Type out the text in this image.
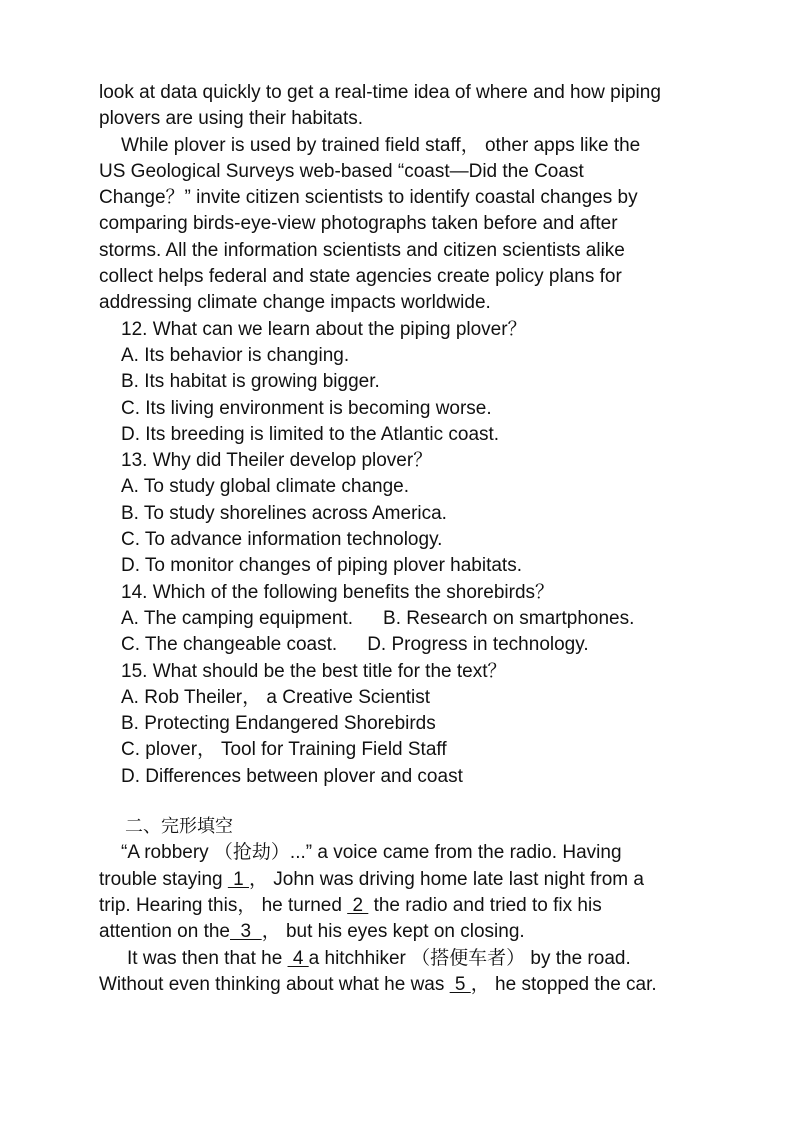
look at data quickly to get a real-time idea of where and how piping
plovers are using their habitats.
While plover is used by trained field staff， other apps like the
US Geological Surveys web-based “coast—Did the Coast
Change？” invite citizen scientists to identify coastal changes by
comparing birds-eye-view photographs taken before and after
storms. All the information scientists and citizen scientists alike
collect helps federal and state agencies create policy plans for
addressing climate change impacts worldwide.
12. What can we learn about the piping plover？
A. Its behavior is changing.
B. Its habitat is growing bigger.
C. Its living environment is becoming worse.
D. Its breeding is limited to the Atlantic coast.
13. Why did Theiler develop plover？
A. To study global climate change.
B. To study shorelines across America.
C. To advance information technology.
D. To monitor changes of piping plover habitats.
14. Which of the following benefits the shorebirds？
A. The camping equipment. B. Research on smartphones.
C. The changeable coast. D. Progress in technology.
15. What should be the best title for the text？
A. Rob Theiler， a Creative Scientist
B. Protecting Endangered Shorebirds
C. plover， Tool for Training Field Staff
D. Differences between plover and coast
二、完形填空
“A robbery （抢劫）...” a voice came from the radio. Having
trouble staying  1 ， John was driving home late last night from a
trip. Hearing this， he turned  2  the radio and tried to fix his
attention on the  3  ， but his eyes kept on closing.
It was then that he  4 a hitchhiker （搭便车者） by the road.
Without even thinking about what he was  5 ， he stopped the car.
